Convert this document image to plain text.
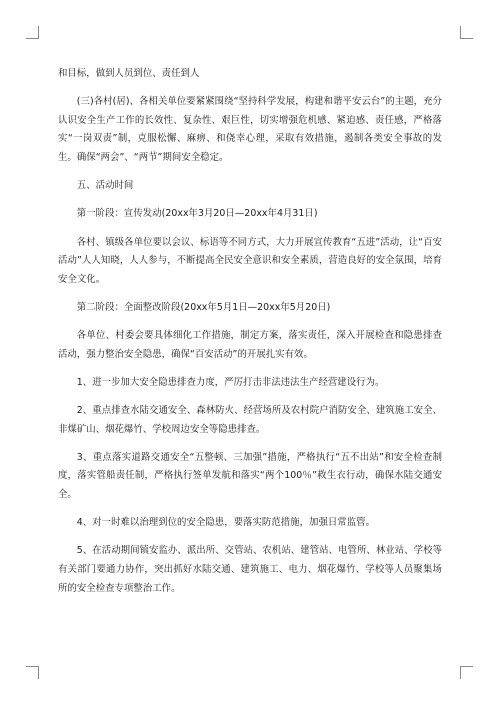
和目标，做到人员到位、责任到人

(三)各村(居)、各相关单位要紧紧围绕“坚持科学发展，构建和谐平安云台”的主题，充分认识安全生产工作的长效性、复杂性、艰巨性，切实增强危机感、紧迫感、责任感，严格落实“一岗双责”制，克服松懈、麻痹、和侥幸心理，采取有效措施，遏制各类安全事故的发生。确保“两会”、“两节”期间安全稳定。

五、活动时间

第一阶段：宣传发动(20xx年3月20日—20xx年4月31日)

各村、镇级各单位要以会议、标语等不同方式，大力开展宣传教育“五进”活动，让“百安活动”人人知晓，人人参与，不断提高全民安全意识和安全素质，营造良好的安全氛围，培育安全文化。

第二阶段：全面整改阶段(20xx年5月1日—20xx年5月20日)

各单位、村委会要具体细化工作措施，制定方案，落实责任，深入开展检查和隐患排查活动，强力整治安全隐患，确保“百安活动”的开展扎实有效。

1、进一步加大安全隐患排查力度，严厉打击非法违法生产经营建设行为。

2、重点排查水陆交通安全、森林防火、经营场所及农村院户消防安全、建筑施工安全、非煤矿山、烟花爆竹、学校周边安全等隐患排查。

3、重点落实道路交通安全“五整顿、三加强”措施，严格执行“五不出站”和安全检查制度，落实管船责任制，严格执行签单发航和落实“两个100％”救生衣行动，确保水陆交通安全。

4、对一时难以治理到位的安全隐患，要落实防范措施，加强日常监管。

5、在活动期间镇安监办、派出所、交管站、农机站、建管站、电管所、林业站、学校等有关部门要通力协作，突出抓好水陆交通、建筑施工、电力、烟花爆竹、学校等人员聚集场所的安全检查专项整治工作。
